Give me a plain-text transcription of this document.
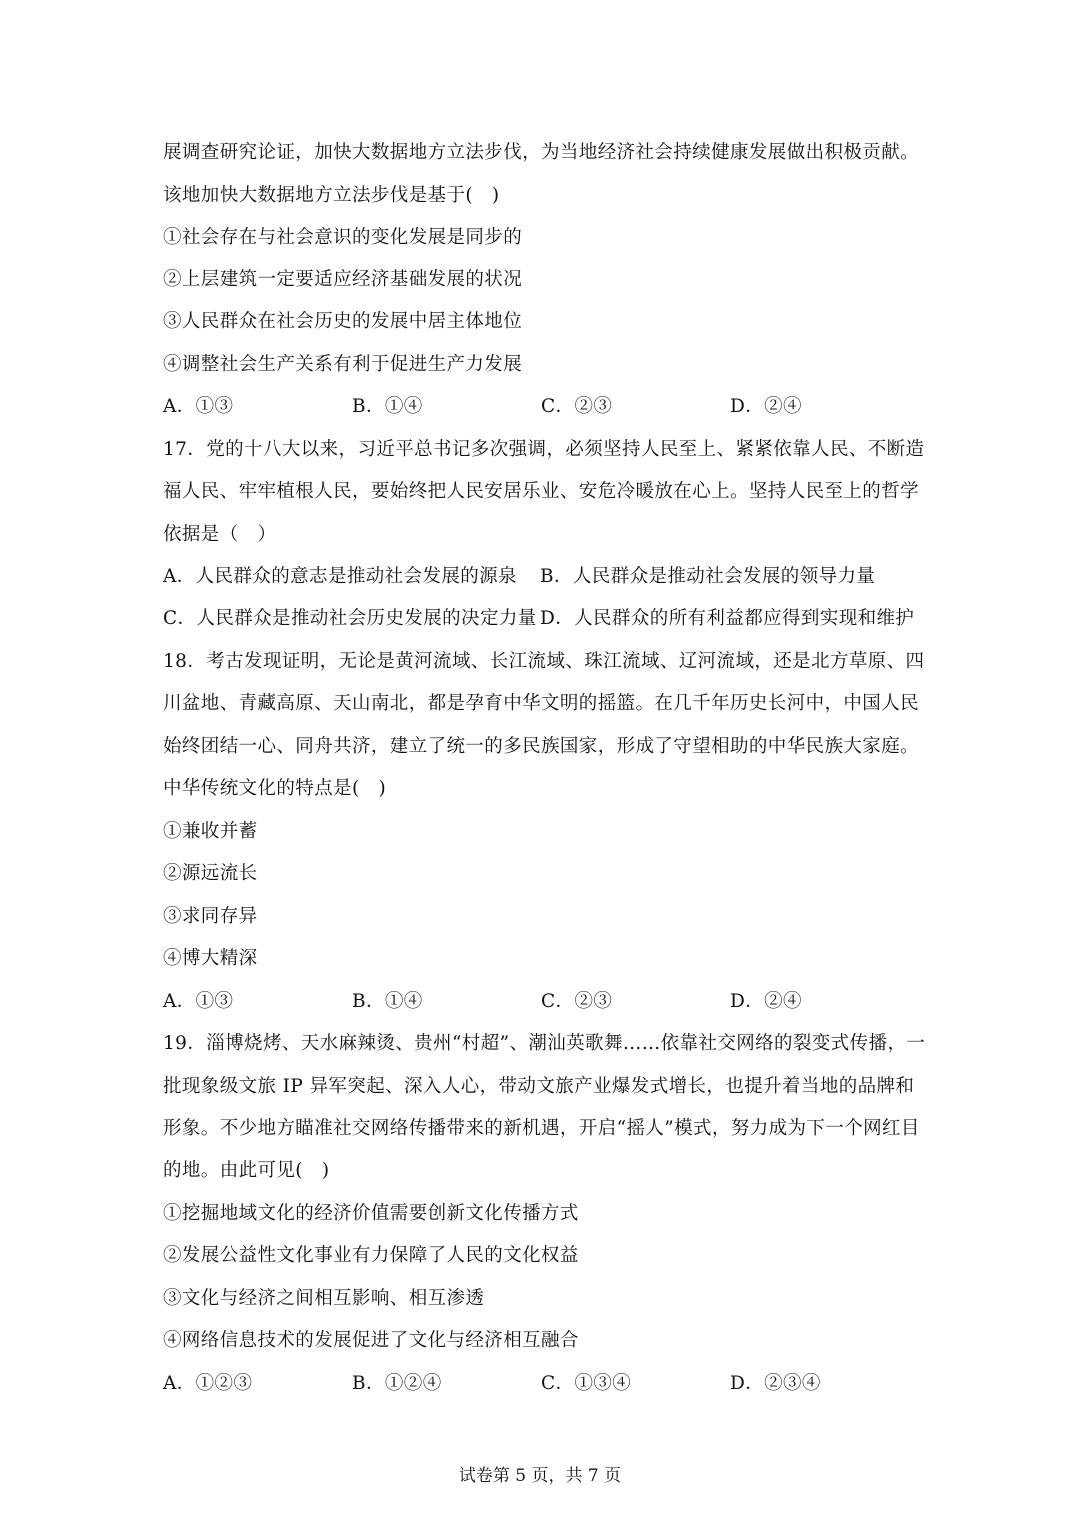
展调查研究论证，加快大数据地方立法步伐，为当地经济社会持续健康发展做出积极贡献。
该地加快大数据地方立法步伐是基于(　)
①社会存在与社会意识的变化发展是同步的
②上层建筑一定要适应经济基础发展的状况
③人民群众在社会历史的发展中居主体地位
④调整社会生产关系有利于促进生产力发展
A．①③	B．①④	C．②③	D．②④
17．党的十八大以来，习近平总书记多次强调，必须坚持人民至上、紧紧依靠人民、不断造
福人民、牢牢植根人民，要始终把人民安居乐业、安危冷暖放在心上。坚持人民至上的哲学
依据是（　）
A．人民群众的意志是推动社会发展的源泉 B．人民群众是推动社会发展的领导力量
C．人民群众是推动社会历史发展的决定力量 D．人民群众的所有利益都应得到实现和维护
18．考古发现证明，无论是黄河流域、长江流域、珠江流域、辽河流域，还是北方草原、四
川盆地、青藏高原、天山南北，都是孕育中华文明的摇篮。在几千年历史长河中，中国人民
始终团结一心、同舟共济，建立了统一的多民族国家，形成了守望相助的中华民族大家庭。
中华传统文化的特点是(　)
①兼收并蓄
②源远流长
③求同存异
④博大精深
A．①③	B．①④	C．②③	D．②④
19．淄博烧烤、天水麻辣烫、贵州“村超”、潮汕英歌舞……依靠社交网络的裂变式传播，一
批现象级文旅 IP 异军突起、深入人心，带动文旅产业爆发式增长，也提升着当地的品牌和
形象。不少地方瞄准社交网络传播带来的新机遇，开启“摇人”模式，努力成为下一个网红目
的地。由此可见(　)
①挖掘地域文化的经济价值需要创新文化传播方式
②发展公益性文化事业有力保障了人民的文化权益
③文化与经济之间相互影响、相互渗透
④网络信息技术的发展促进了文化与经济相互融合
A．①②③	B．①②④	C．①③④	D．②③④
试卷第 5 页，共 7 页
